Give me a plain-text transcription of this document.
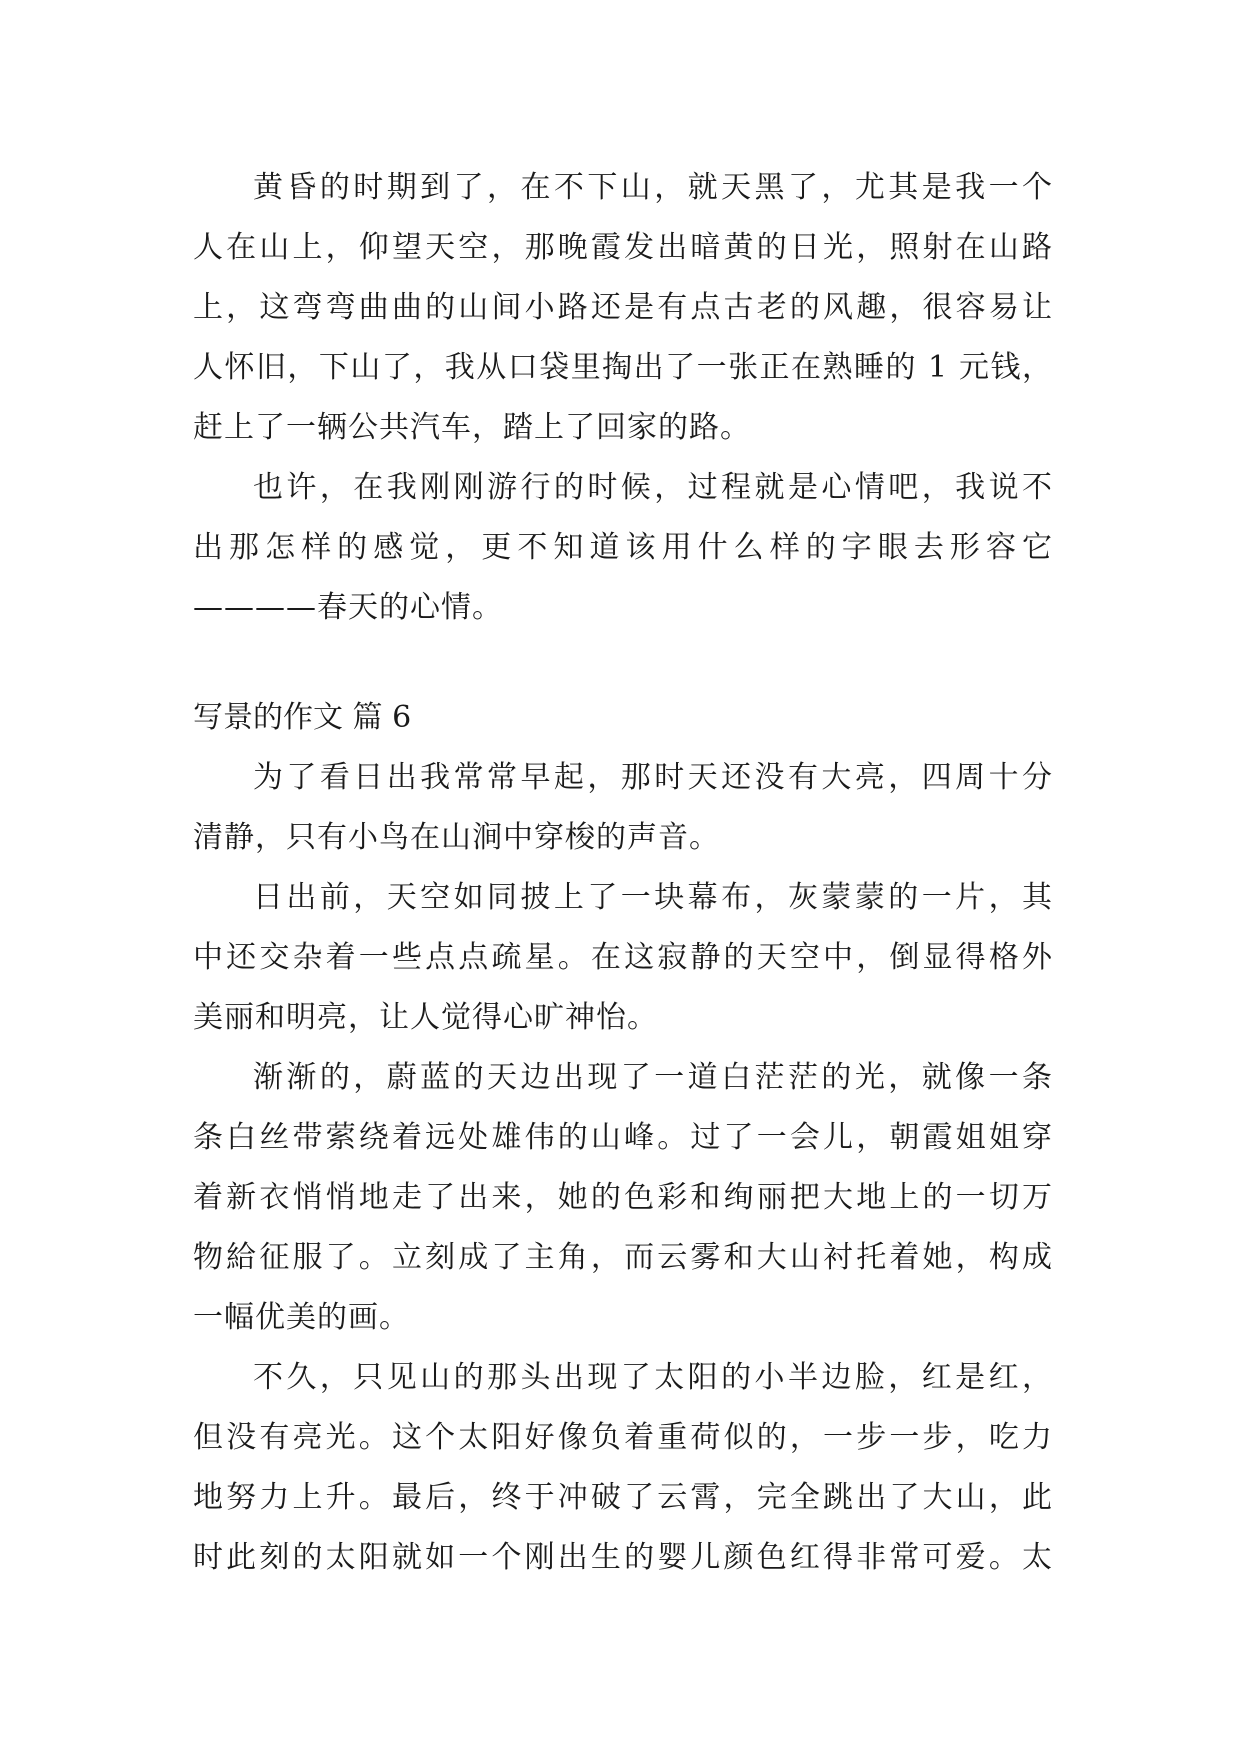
黄昏的时期到了，在不下山，就天黑了，尤其是我一个
人在山上，仰望天空，那晚霞发出暗黄的日光，照射在山路
上，这弯弯曲曲的山间小路还是有点古老的风趣，很容易让
人怀旧，下山了，我从口袋里掏出了一张正在熟睡的 1 元钱，
赶上了一辆公共汽车，踏上了回家的路。
也许，在我刚刚游行的时候，过程就是心情吧，我说不
出那怎样的感觉，更不知道该用什么样的字眼去形容它
————春天的心情。
写景的作文 篇 6
为了看日出我常常早起，那时天还没有大亮，四周十分
清静，只有小鸟在山涧中穿梭的声音。
日出前，天空如同披上了一块幕布，灰蒙蒙的一片，其
中还交杂着一些点点疏星。在这寂静的天空中，倒显得格外
美丽和明亮，让人觉得心旷神怡。
渐渐的，蔚蓝的天边出现了一道白茫茫的光，就像一条
条白丝带萦绕着远处雄伟的山峰。过了一会儿，朝霞姐姐穿
着新衣悄悄地走了出来，她的色彩和绚丽把大地上的一切万
物給征服了。立刻成了主角，而云雾和大山衬托着她，构成
一幅优美的画。
不久，只见山的那头出现了太阳的小半边脸，红是红，
但没有亮光。这个太阳好像负着重荷似的，一步一步，吃力
地努力上升。最后，终于冲破了云霄，完全跳出了大山，此
时此刻的太阳就如一个刚出生的婴儿颜色红得非常可爱。太
